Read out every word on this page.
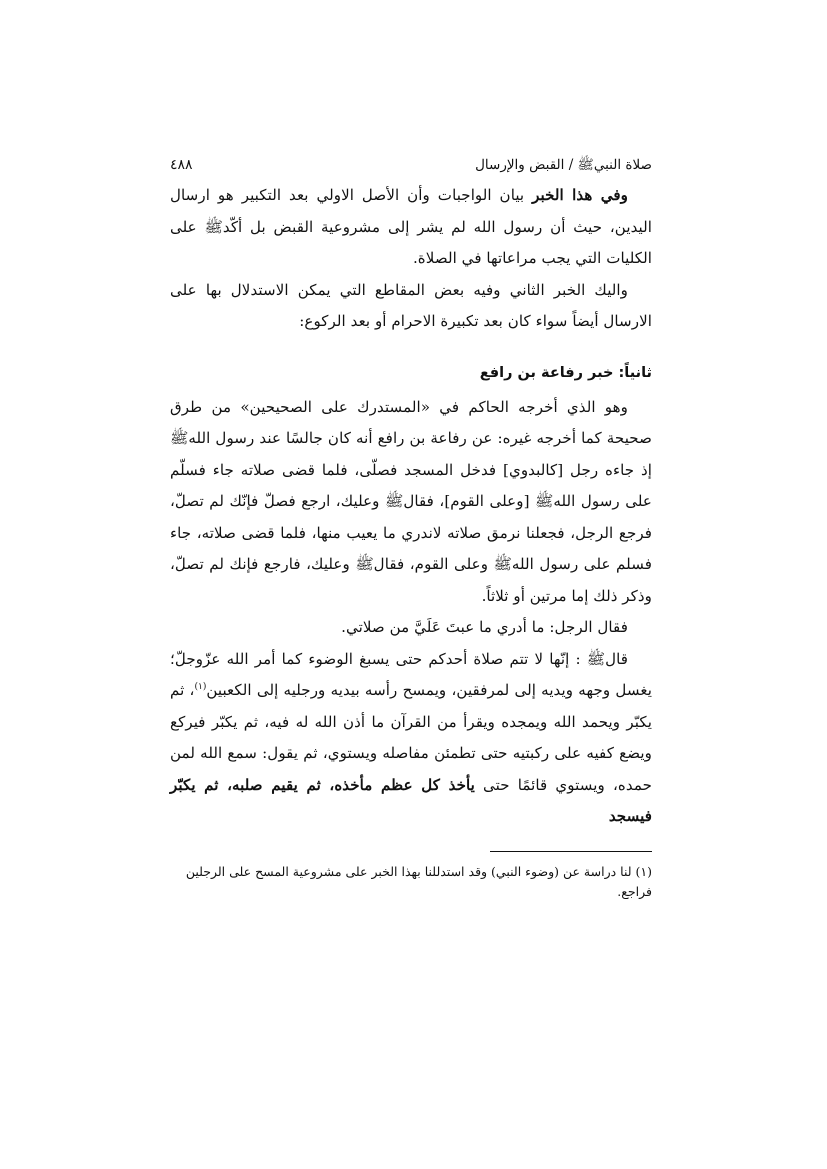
صلاة النبيﷺ / القبض والإرسال
٤٨٨

وفي هذا الخبر بيان الواجبات وأن الأصل الاولي بعد التكبير هو ارسال اليدين، حيث أن رسول الله لم يشر إلى مشروعية القبض بل أكّدﷺ على الكليات التي يجب مراعاتها في الصلاة.

واليك الخبر الثاني وفيه بعض المقاطع التي يمكن الاستدلال بها على الارسال أيضاً سواء كان بعد تكبيرة الاحرام أو بعد الركوع:

ثانياً: خبر رفاعة بن رافع

وهو الذي أخرجه الحاكم في «المستدرك على الصحيحين» من طرق صحيحة كما أخرجه غيره: عن رفاعة بن رافع أنه كان جالسًا عند رسول اللهﷺ إذ جاءه رجل [كالبدوي] فدخل المسجد فصلّى، فلما قضى صلاته جاء فسلّم على رسول اللهﷺ [وعلى القوم]، فقالﷺ وعليك، ارجع فصلّ فإنّك لم تصلّ، فرجع الرجل، فجعلنا نرمق صلاته لاندري ما يعيب منها، فلما قضى صلاته، جاء فسلم على رسول اللهﷺ وعلى القوم، فقالﷺ وعليك، فارجع فإنك لم تصلّ، وذكر ذلك إما مرتين أو ثلاثاً.

فقال الرجل: ما أدري ما عبتَ عَلَيَّ من صلاتي.

قالﷺ : إنّها لا تتم صلاة أحدكم حتى يسبغ الوضوء كما أمر الله عزّوجلّ؛ يغسل وجهه ويديه إلى لمرفقين، ويمسح رأسه بيديه ورجليه إلى الكعبين$^{(١)}$، ثم يكبّر ويحمد الله ويمجده ويقرأ من القرآن ما أذن الله له فيه، ثم يكبّر فيركع ويضع كفيه على ركبتيه حتى تطمئن مفاصله ويستوي، ثم يقول: سمع الله لمن حمده، ويستوي قائمًا حتى يأخذ كل عظم مأخذه، ثم يقيم صلبه، ثم يكبّر فيسجد

(١) لنا دراسة عن (وضوء النبي) وقد استدللنا بهذا الخبر على مشروعية المسح على الرجلين فراجع.
